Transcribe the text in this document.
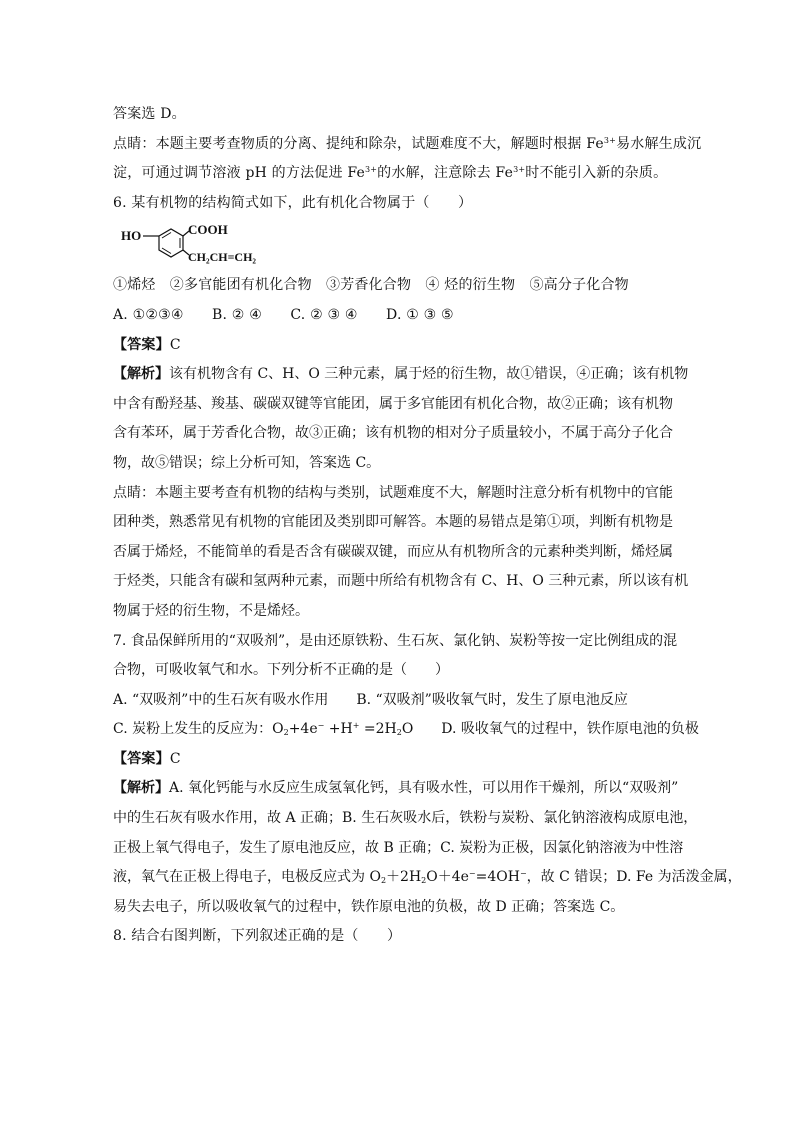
答案选 D。
点睛：本题主要考查物质的分离、提纯和除杂，试题难度不大，解题时根据 $Fe^{3+}$易水解生成沉
淀，可通过调节溶液 pH 的方法促进 $Fe^{3+}$的水解，注意除去 $Fe^{3+}$时不能引入新的杂质。
6. 某有机物的结构简式如下，此有机化合物属于（　　）
HO	COOH
CH₂CH=CH₂
①烯烃　②多官能团有机化合物　③芳香化合物　④ 烃的衍生物　⑤高分子化合物
A. ①②③④　　B. ② ④　　C. ② ③ ④　　D. ① ③ ⑤
【答案】C
【解析】该有机物含有 C、H、O 三种元素，属于烃的衍生物，故①错误，④正确；该有机物
中含有酚羟基、羧基、碳碳双键等官能团，属于多官能团有机化合物，故②正确；该有机物
含有苯环，属于芳香化合物，故③正确；该有机物的相对分子质量较小，不属于高分子化合
物，故⑤错误；综上分析可知，答案选 C。
点睛：本题主要考查有机物的结构与类别，试题难度不大，解题时注意分析有机物中的官能
团种类，熟悉常见有机物的官能团及类别即可解答。本题的易错点是第①项，判断有机物是
否属于烯烃，不能简单的看是否含有碳碳双键，而应从有机物所含的元素种类判断，烯烃属
于烃类，只能含有碳和氢两种元素，而题中所给有机物含有 C、H、O 三种元素，所以该有机
物属于烃的衍生物，不是烯烃。
7. 食品保鲜所用的“双吸剂”，是由还原铁粉、生石灰、氯化钠、炭粉等按一定比例组成的混
合物，可吸收氧气和水。下列分析不正确的是（　　）
A. “双吸剂”中的生石灰有吸水作用　　B. “双吸剂”吸收氧气时，发生了原电池反应
C. 炭粉上发生的反应为：$O_2+4e^- +H^+ =2H_2O$　　D. 吸收氧气的过程中，铁作原电池的负极
【答案】C
【解析】A. 氧化钙能与水反应生成氢氧化钙，具有吸水性，可以用作干燥剂，所以“双吸剂”
中的生石灰有吸水作用，故 A 正确；B. 生石灰吸水后，铁粉与炭粉、氯化钠溶液构成原电池，
正极上氧气得电子，发生了原电池反应，故 B 正确；C. 炭粉为正极，因氯化钠溶液为中性溶
液，氧气在正极上得电子，电极反应式为 $O_2+2H_2O+4e^-=4OH^-$，故 C 错误；D. Fe 为活泼金属，
易失去电子，所以吸收氧气的过程中，铁作原电池的负极，故 D 正确；答案选 C。
8. 结合右图判断，下列叙述正确的是（　　）
